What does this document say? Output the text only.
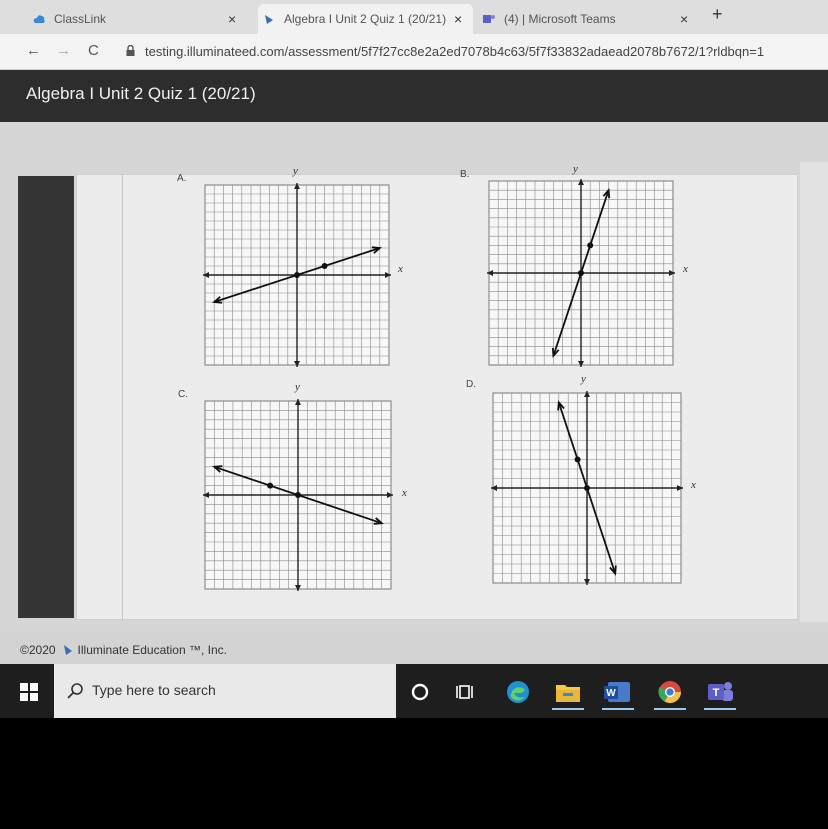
ClassLink	×	Algebra I Unit 2 Quiz 1 (20/21) ×	(4) | Microsoft Teams	× +
← → C	testing.illuminateed.com/assessment/5f7f27cc8e2a2ed7078b4c63/5f7f33832adaead2078b7672/1?rldbqn=1
Algebra I Unit 2 Quiz 1 (20/21)
A.
y
x
B.	y
x
C.
y
x
D.	y
x
©2020 Illuminate Education ™, Inc.
Type here to search	W	T
